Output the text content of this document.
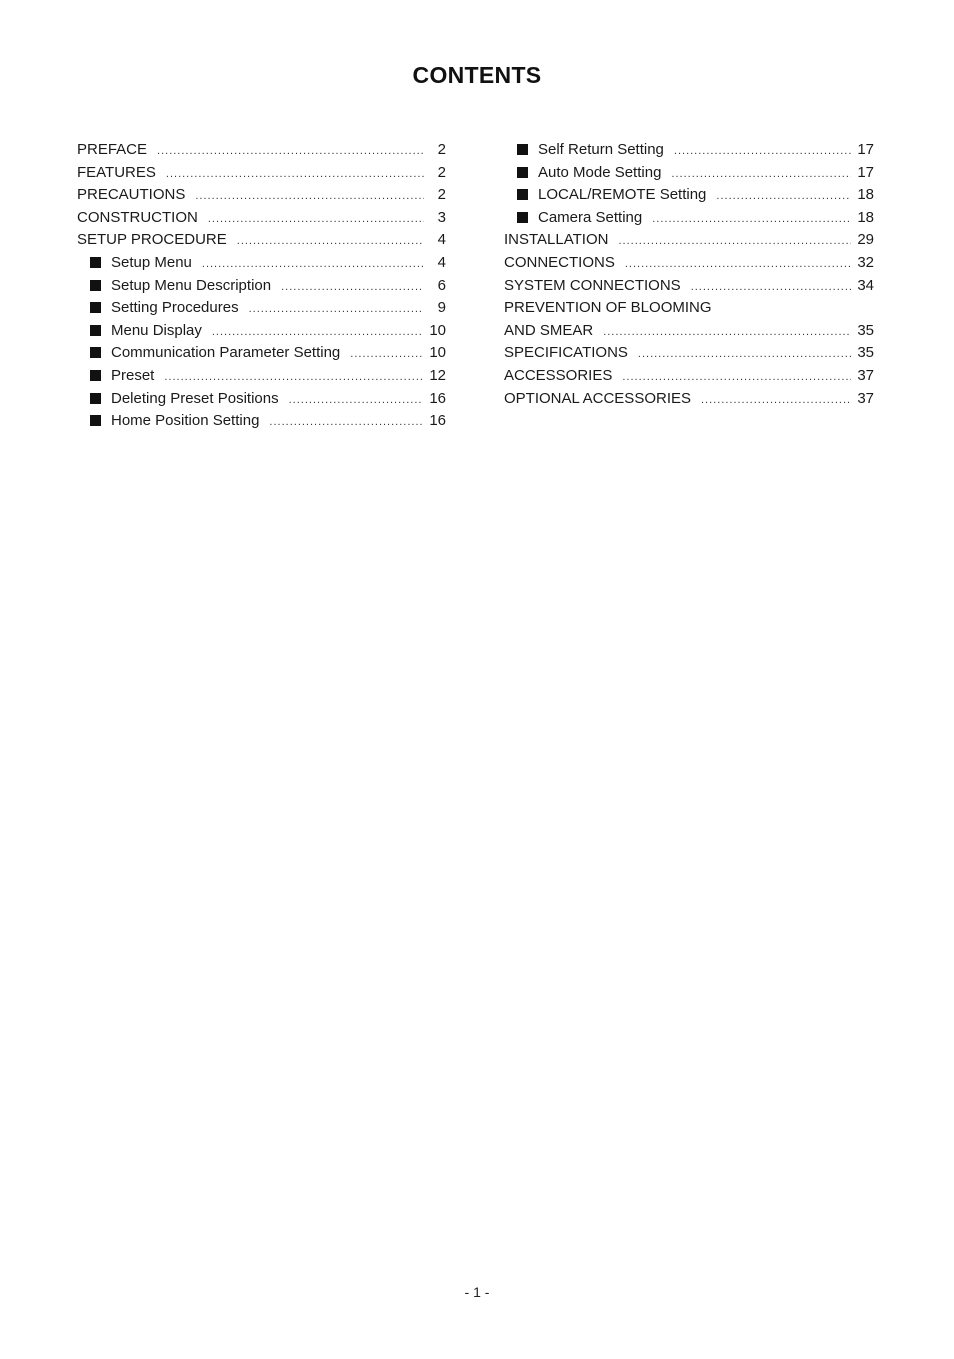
CONTENTS
PREFACE .....	2
FEATURES .....	2
PRECAUTIONS .....	2
CONSTRUCTION .....	3
SETUP PROCEDURE .....	4
Setup Menu .....	4
Setup Menu Description .....	6
Setting Procedures .....	9
Menu Display .....	10
Communication Parameter Setting .....	10
Preset .....	12
Deleting Preset Positions .....	16
Home Position Setting .....	16
Self Return Setting .....	17
Auto Mode Setting .....	17
LOCAL/REMOTE Setting .....	18
Camera Setting .....	18
INSTALLATION .....	29
CONNECTIONS .....	32
SYSTEM CONNECTIONS .....	34
PREVENTION OF BLOOMING
AND SMEAR .....	35
SPECIFICATIONS .....	35
ACCESSORIES .....	37
OPTIONAL ACCESSORIES .....	37
- 1 -
